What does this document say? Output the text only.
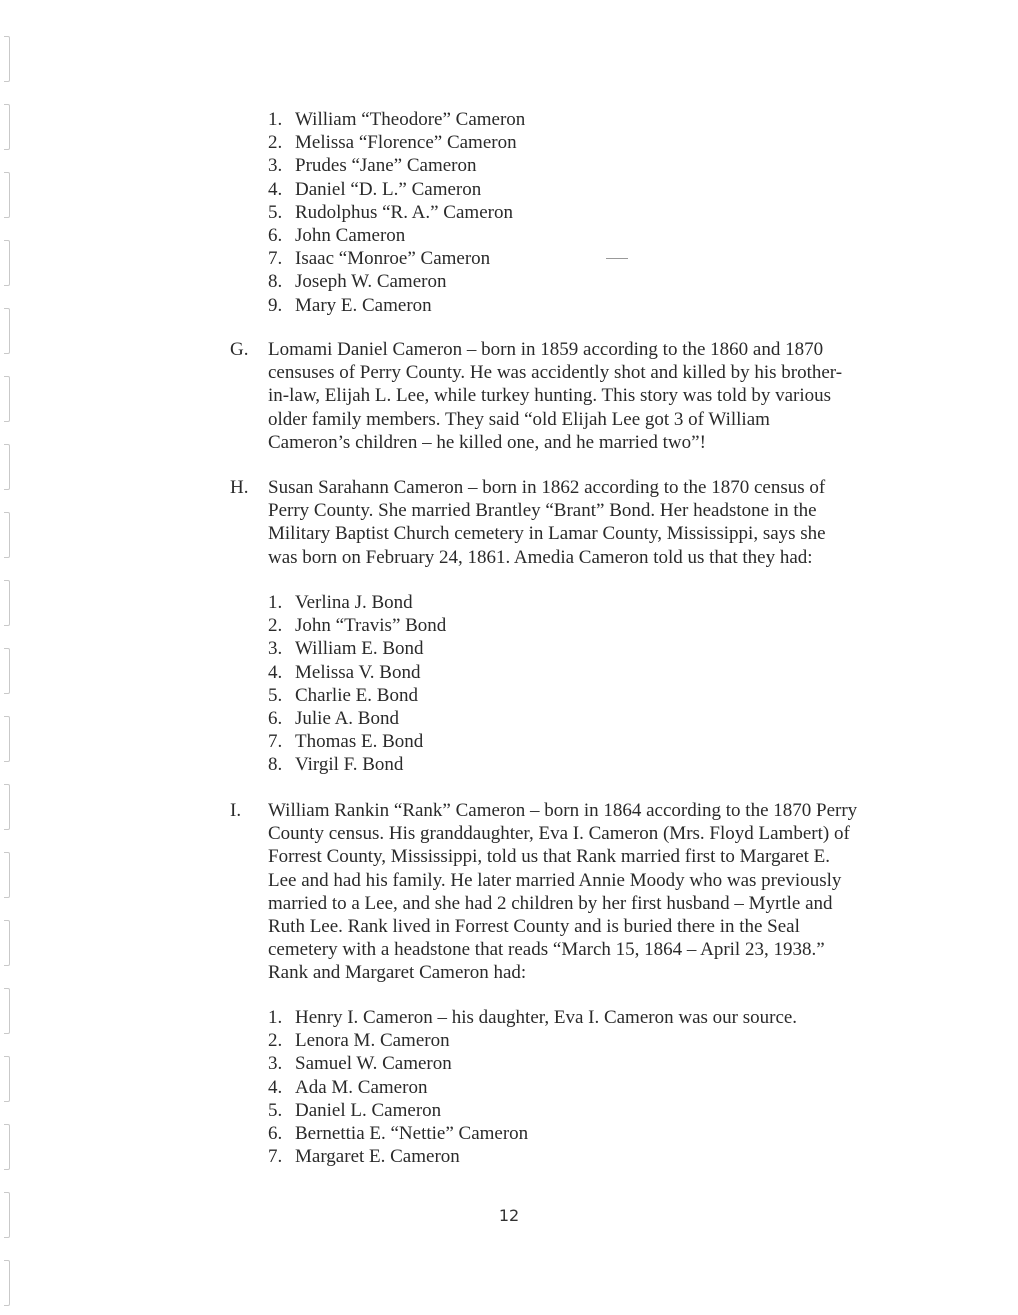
1. William “Theodore” Cameron
2. Melissa “Florence” Cameron
3. Prudes “Jane” Cameron
4. Daniel “D. L.” Cameron
5. Rudolphus “R. A.” Cameron
6. John Cameron
7. Isaac “Monroe” Cameron
8. Joseph W. Cameron
9. Mary E. Cameron
G. Lomami Daniel Cameron – born in 1859 according to the 1860 and 1870
censuses of Perry County. He was accidently shot and killed by his brother-
in-law, Elijah L. Lee, while turkey hunting. This story was told by various
older family members. They said “old Elijah Lee got 3 of William
Cameron’s children – he killed one, and he married two”!
H. Susan Sarahann Cameron – born in 1862 according to the 1870 census of
Perry County. She married Brantley “Brant” Bond. Her headstone in the
Military Baptist Church cemetery in Lamar County, Mississippi, says she
was born on February 24, 1861. Amedia Cameron told us that they had:
1. Verlina J. Bond
2. John “Travis” Bond
3. William E. Bond
4. Melissa V. Bond
5. Charlie E. Bond
6. Julie A. Bond
7. Thomas E. Bond
8. Virgil F. Bond
I. William Rankin “Rank” Cameron – born in 1864 according to the 1870 Perry
County census. His granddaughter, Eva I. Cameron (Mrs. Floyd Lambert) of
Forrest County, Mississippi, told us that Rank married first to Margaret E.
Lee and had his family. He later married Annie Moody who was previously
married to a Lee, and she had 2 children by her first husband – Myrtle and
Ruth Lee. Rank lived in Forrest County and is buried there in the Seal
cemetery with a headstone that reads “March 15, 1864 – April 23, 1938.”
Rank and Margaret Cameron had:
1. Henry I. Cameron – his daughter, Eva I. Cameron was our source.
2. Lenora M. Cameron
3. Samuel W. Cameron
4. Ada M. Cameron
5. Daniel L. Cameron
6. Bernettia E. “Nettie” Cameron
7. Margaret E. Cameron
12
